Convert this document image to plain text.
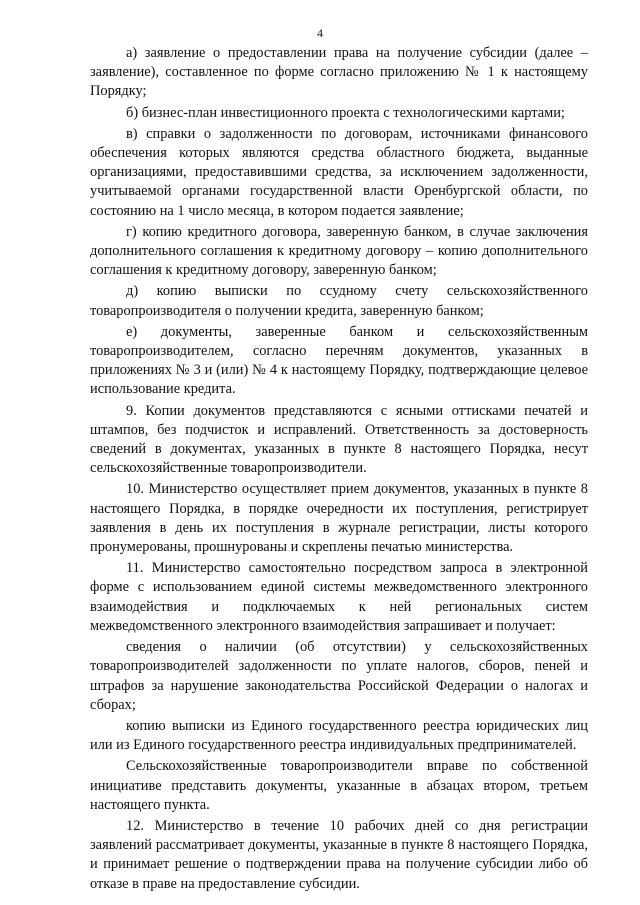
4

а) заявление о предоставлении права на получение субсидии (далее – заявление), составленное по форме согласно приложению № 1 к настоящему Порядку;

б) бизнес-план инвестиционного проекта с технологическими картами;

в) справки о задолженности по договорам, источниками финансового обеспечения которых являются средства областного бюджета, выданные организациями, предоставившими средства, за исключением задолженности, учитываемой органами государственной власти Оренбургской области, по состоянию на 1 число месяца, в котором подается заявление;

г) копию кредитного договора, заверенную банком, в случае заключения дополнительного соглашения к кредитному договору – копию дополнительного соглашения к кредитному договору, заверенную банком;

д) копию выписки по ссудному счету сельскохозяйственного товаропроизводителя о получении кредита, заверенную банком;

е) документы, заверенные банком и сельскохозяйственным товаропроизводителем, согласно перечням документов, указанных в приложениях № 3 и (или) № 4 к настоящему Порядку, подтверждающие целевое использование кредита.

9. Копии документов представляются с ясными оттисками печатей и штампов, без подчисток и исправлений. Ответственность за достоверность сведений в документах, указанных в пункте 8 настоящего Порядка, несут сельскохозяйственные товаропроизводители.

10. Министерство осуществляет прием документов, указанных в пункте 8 настоящего Порядка, в порядке очередности их поступления, регистрирует заявления в день их поступления в журнале регистрации, листы которого пронумерованы, прошнурованы и скреплены печатью министерства.

11. Министерство самостоятельно посредством запроса в электронной форме с использованием единой системы межведомственного электронного взаимодействия и подключаемых к ней региональных систем межведомственного электронного взаимодействия запрашивает и получает:

сведения о наличии (об отсутствии) у сельскохозяйственных товаропроизводителей задолженности по уплате налогов, сборов, пеней и штрафов за нарушение законодательства Российской Федерации о налогах и сборах;

копию выписки из Единого государственного реестра юридических лиц или из Единого государственного реестра индивидуальных предпринимателей.

Сельскохозяйственные товаропроизводители вправе по собственной инициативе представить документы, указанные в абзацах втором, третьем настоящего пункта.

12. Министерство в течение 10 рабочих дней со дня регистрации заявлений рассматривает документы, указанные в пункте 8 настоящего Порядка, и принимает решение о подтверждении права на получение субсидии либо об отказе в праве на предоставление субсидии.
